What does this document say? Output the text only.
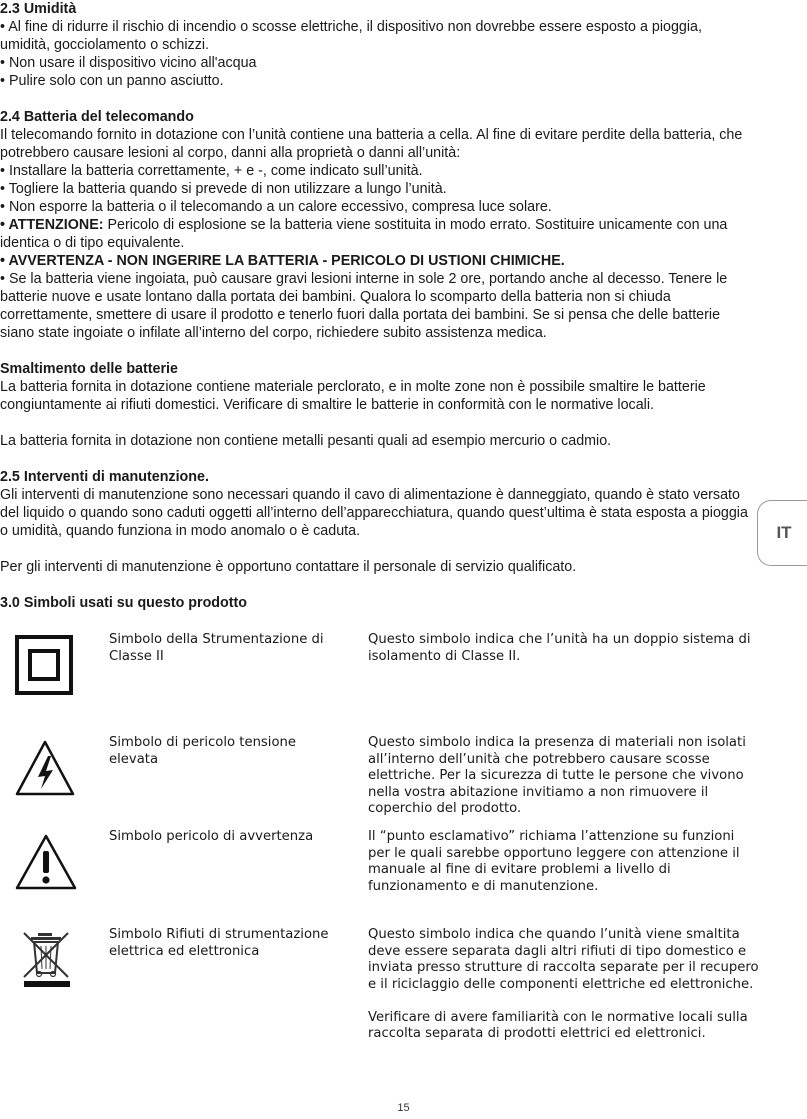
2.3 Umidità

• Al fine di ridurre il rischio di incendio o scosse elettriche, il dispositivo non dovrebbe essere esposto a pioggia, umidità, gocciolamento o schizzi.

• Non usare il dispositivo vicino all'acqua

• Pulire solo con un panno asciutto.

2.4 Batteria del telecomando

Il telecomando fornito in dotazione con l’unità contiene una batteria a cella. Al fine di evitare perdite della batteria, che potrebbero causare lesioni al corpo, danni alla proprietà o danni all’unità:

• Installare la batteria correttamente, + e -, come indicato sull’unità.

• Togliere la batteria quando si prevede di non utilizzare a lungo l’unità.

• Non esporre la batteria o il telecomando a un calore eccessivo, compresa luce solare.

• ATTENZIONE: Pericolo di esplosione se la batteria viene sostituita in modo errato. Sostituire unicamente con una identica o di tipo equivalente.

• AVVERTENZA - NON INGERIRE LA BATTERIA - PERICOLO DI USTIONI CHIMICHE.

• Se la batteria viene ingoiata, può causare gravi lesioni interne in sole 2 ore, portando anche al decesso. Tenere le batterie nuove e usate lontano dalla portata dei bambini. Qualora lo scomparto della batteria non si chiuda correttamente, smettere di usare il prodotto e tenerlo fuori dalla portata dei bambini. Se si pensa che delle batterie siano state ingoiate o infilate all’interno del corpo, richiedere subito assistenza medica.

Smaltimento delle batterie

La batteria fornita in dotazione contiene materiale perclorato, e in molte zone non è possibile smaltire le batterie congiuntamente ai rifiuti domestici. Verificare di smaltire le batterie in conformità con le normative locali.

La batteria fornita in dotazione non contiene metalli pesanti quali ad esempio mercurio o cadmio.

2.5 Interventi di manutenzione.

Gli interventi di manutenzione sono necessari quando il cavo di alimentazione è danneggiato, quando è stato versato del liquido o quando sono caduti oggetti all’interno dell’apparecchiatura, quando quest’ultima è stata esposta a pioggia o umidità, quando funziona in modo anomalo o è caduta.

Per gli interventi di manutenzione è opportuno contattare il personale di servizio qualificato.

3.0 Simboli usati su questo prodotto

Simbolo della Strumentazione di Classe II
Questo simbolo indica che l’unità ha un doppio sistema di isolamento di Classe II.
Simbolo di pericolo tensione elevata
Questo simbolo indica la presenza di materiali non isolati all’interno dell’unità che potrebbero causare scosse elettriche. Per la sicurezza di tutte le persone che vivono nella vostra abitazione invitiamo a non rimuovere il coperchio del prodotto.
Simbolo pericolo di avvertenza	Il “punto esclamativo” richiama l’attenzione su funzioni per le quali sarebbe opportuno leggere con attenzione il manuale al fine di evitare problemi a livello di funzionamento e di manutenzione.
Simbolo Rifiuti di strumentazione elettrica ed elettronica

Questo simbolo indica che quando l’unità viene smaltita deve essere separata dagli altri rifiuti di tipo domestico e inviata presso strutture di raccolta separate per il recupero e il riciclaggio delle componenti elettriche ed elettroniche.

Verificare di avere familiarità con le normative locali sulla raccolta separata di prodotti elettrici ed elettronici.

IT
15
